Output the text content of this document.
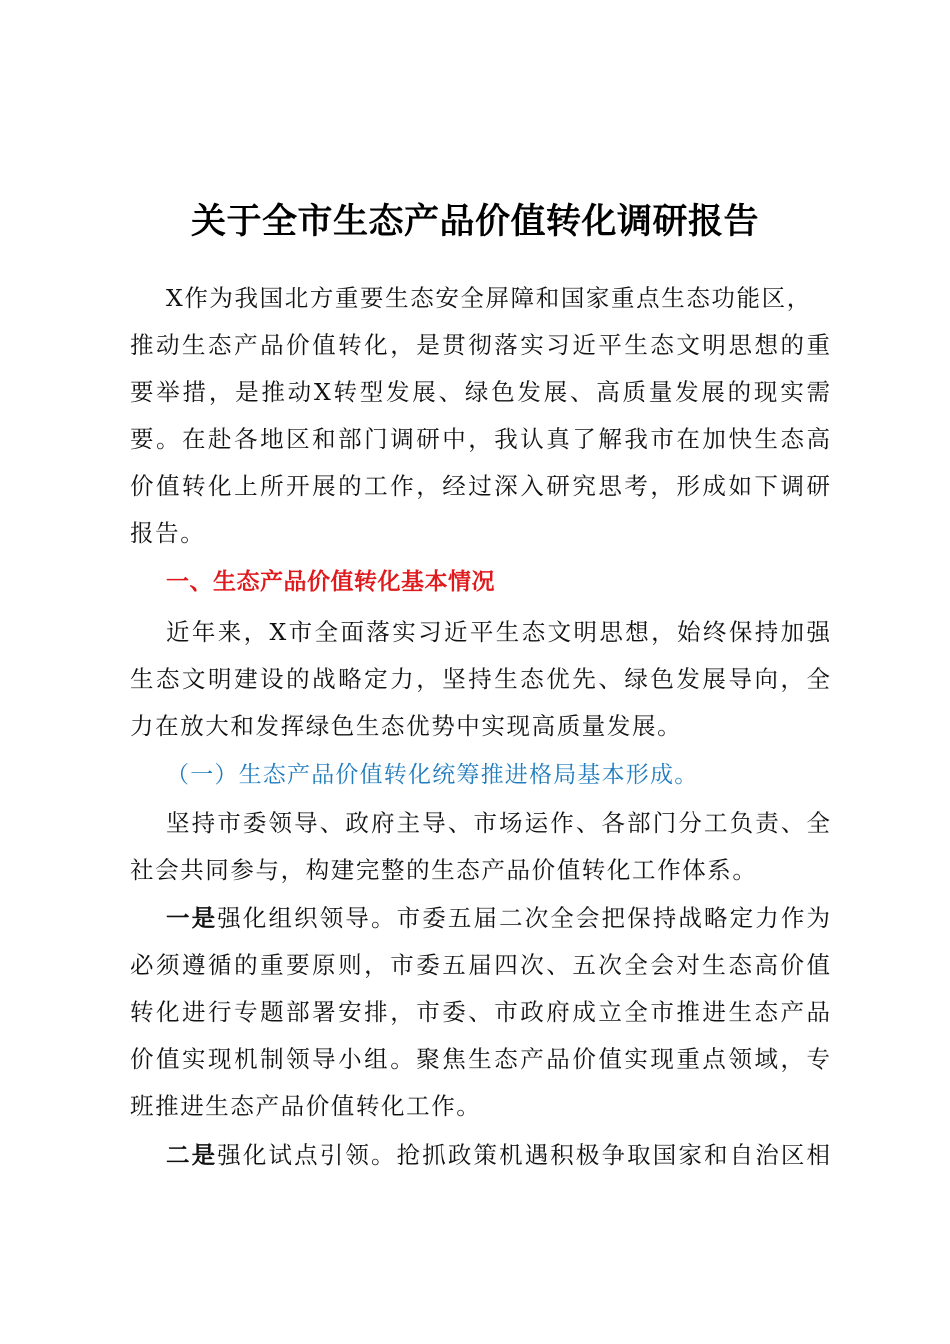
关于全市生态产品价值转化调研报告
X作为我国北方重要生态安全屏障和国家重点生态功能区，
推动生态产品价值转化，是贯彻落实习近平生态文明思想的重
要举措，是推动X转型发展、绿色发展、高质量发展的现实需
要。在赴各地区和部门调研中，我认真了解我市在加快生态高
价值转化上所开展的工作，经过深入研究思考，形成如下调研
报告。
一、生态产品价值转化基本情况
近年来，X市全面落实习近平生态文明思想，始终保持加强
生态文明建设的战略定力，坚持生态优先、绿色发展导向，全
力在放大和发挥绿色生态优势中实现高质量发展。
（一）生态产品价值转化统筹推进格局基本形成。
坚持市委领导、政府主导、市场运作、各部门分工负责、全
社会共同参与，构建完整的生态产品价值转化工作体系。
一是强化组织领导。市委五届二次全会把保持战略定力作为
必须遵循的重要原则，市委五届四次、五次全会对生态高价值
转化进行专题部署安排，市委、市政府成立全市推进生态产品
价值实现机制领导小组。聚焦生态产品价值实现重点领域，专
班推进生态产品价值转化工作。
二是强化试点引领。抢抓政策机遇积极争取国家和自治区相
